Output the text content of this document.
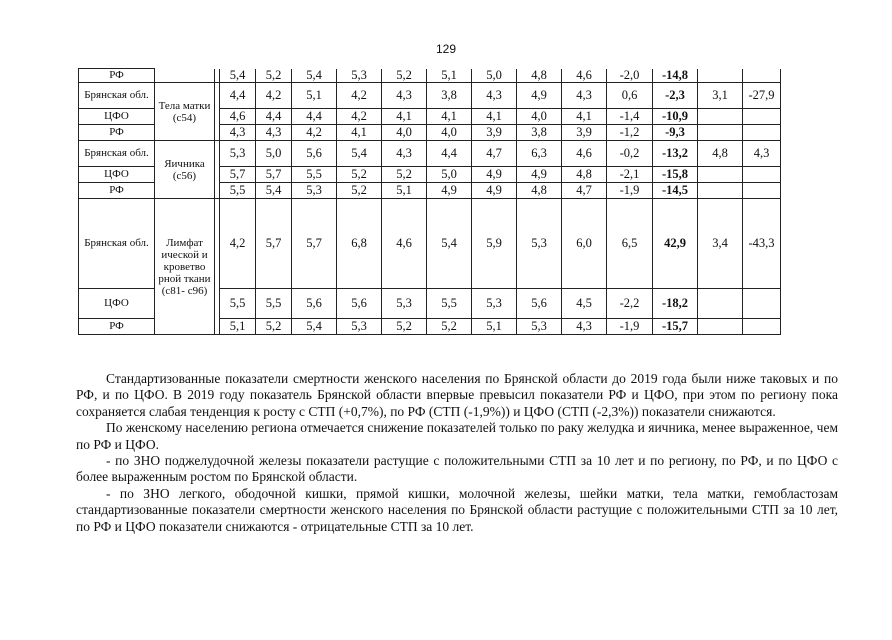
129
РФ			5,4	5,2	5,4	5,3	5,2	5,1	5,0	4,8	4,6	-2,0	-14,8		
Брянская обл.	Тела матки (с54)		4,4	4,2	5,1	4,2	4,3	3,8	4,3	4,9	4,3	0,6	-2,3	3,1	-27,9
ЦФО			4,6	4,4	4,4	4,2	4,1	4,1	4,1	4,0	4,1	-1,4	-10,9		
РФ			4,3	4,3	4,2	4,1	4,0	4,0	3,9	3,8	3,9	-1,2	-9,3		
Брянская обл.	Яичника (с56)		5,3	5,0	5,6	5,4	4,3	4,4	4,7	6,3	4,6	-0,2	-13,2	4,8	4,3
ЦФО			5,7	5,7	5,5	5,2	5,2	5,0	4,9	4,9	4,8	-2,1	-15,8		
РФ			5,5	5,4	5,3	5,2	5,1	4,9	4,9	4,8	4,7	-1,9	-14,5		
Брянская обл.	Лимфат ической и кроветво рной ткани (с81- с96)		4,2	5,7	5,7	6,8	4,6	5,4	5,9	5,3	6,0	6,5	42,9	3,4	-43,3
ЦФО			5,5	5,5	5,6	5,6	5,3	5,5	5,3	5,6	4,5	-2,2	-18,2		
РФ			5,1	5,2	5,4	5,3	5,2	5,2	5,1	5,3	4,3	-1,9	-15,7		

Стандартизованные показатели смертности женского населения по Брянской области до 2019 года были ниже таковых и по РФ, и по ЦФО. В 2019 году показатель Брянской области впервые превысил показатели РФ и ЦФО, при этом по региону пока сохраняется слабая тенденция к росту с СТП (+0,7%), по РФ (СТП (-1,9%)) и ЦФО (СТП (-2,3%)) показатели снижаются.

По женскому населению региона отмечается снижение показателей только по раку желудка и яичника, менее выраженное, чем по РФ и ЦФО.

- по ЗНО поджелудочной железы показатели растущие с положительными СТП за 10 лет и по региону, по РФ, и по ЦФО с более выраженным ростом по Брянской области.

- по ЗНО легкого, ободочной кишки, прямой кишки, молочной железы, шейки матки, тела матки, гемобластозам стандартизованные показатели смертности женского населения по Брянской области растущие с положительными СТП за 10 лет, по РФ и ЦФО показатели снижаются - отрицательные СТП за 10 лет.
